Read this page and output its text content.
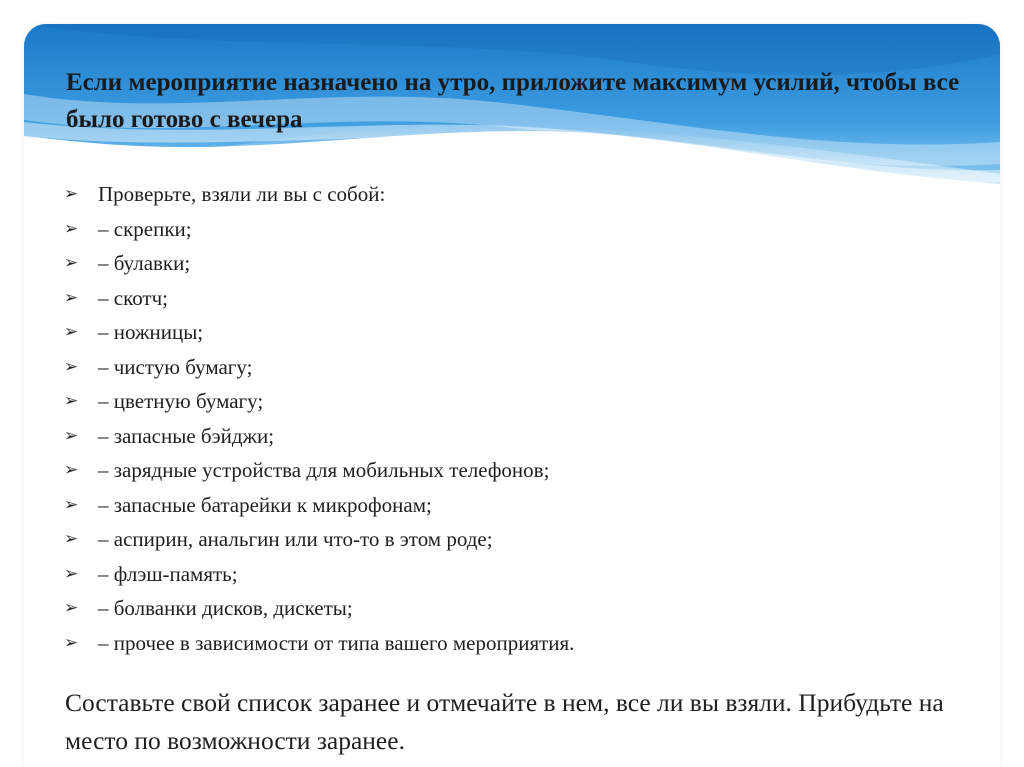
Если мероприятие назначено на утро, приложите максимум усилий, чтобы все было готово с вечера
➢ Проверьте, взяли ли вы с собой:
➢ – скрепки;
➢ – булавки;
➢ – скотч;
➢ – ножницы;
➢ – чистую бумагу;
➢ – цветную бумагу;
➢ – запасные бэйджи;
➢ – зарядные устройства для мобильных телефонов;
➢ – запасные батарейки к микрофонам;
➢ – аспирин, анальгин или что-то в этом роде;
➢ – флэш-память;
➢ – болванки дисков, дискеты;
➢ – прочее в зависимости от типа вашего мероприятия.

Составьте свой список заранее и отмечайте в нем, все ли вы взяли. Прибудьте на место по возможности заранее.
